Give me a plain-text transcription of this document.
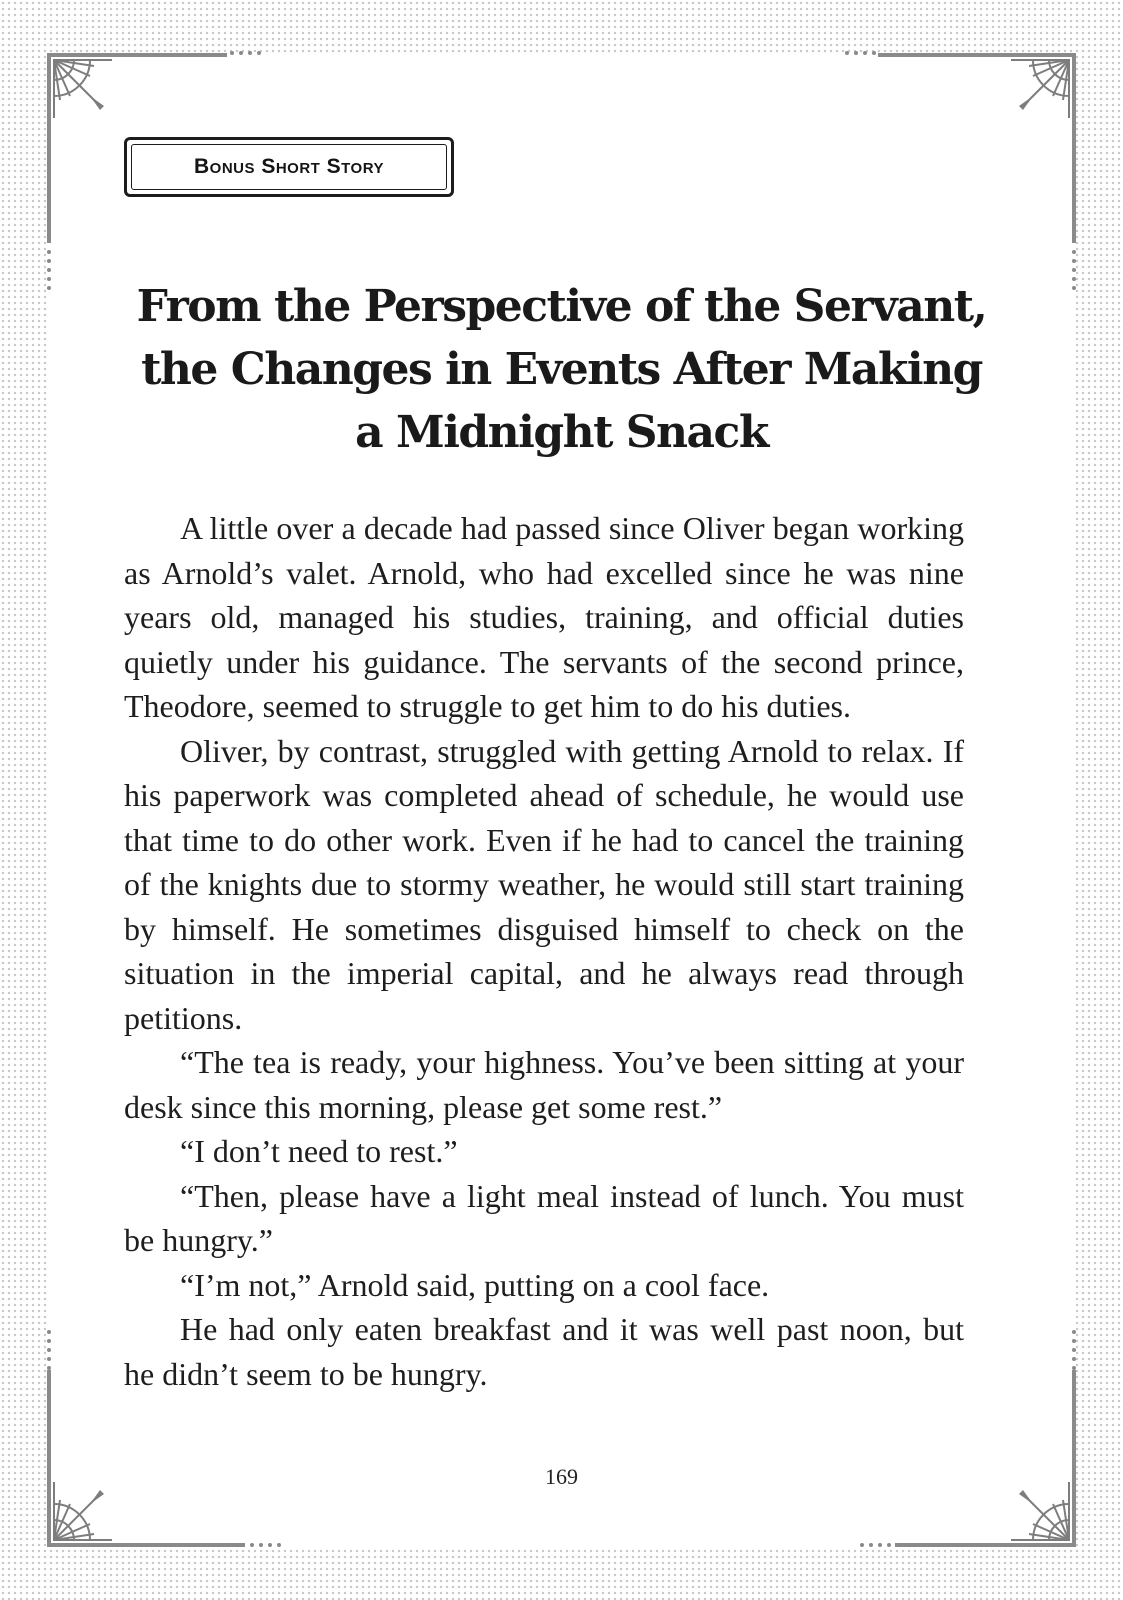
Bonus Short Story
From the Perspective of the Servant,
the Changes in Events After Making
a Midnight Snack

A little over a decade had passed since Oliver began working as Arnold’s valet. Arnold, who had excelled since he was nine years old, managed his studies, training, and official duties quietly under his guidance. The servants of the second prince, Theodore, seemed to struggle to get him to do his duties.

Oliver, by contrast, struggled with getting Arnold to relax. If his paperwork was completed ahead of schedule, he would use that time to do other work. Even if he had to cancel the training of the knights due to stormy weather, he would still start training by himself. He sometimes disguised himself to check on the situation in the imperial capital, and he always read through petitions.

“The tea is ready, your highness. You’ve been sitting at your desk since this morning, please get some rest.”

“I don’t need to rest.”

“Then, please have a light meal instead of lunch. You must be hungry.”

“I’m not,” Arnold said, putting on a cool face.

He had only eaten breakfast and it was well past noon, but he didn’t seem to be hungry.

169
